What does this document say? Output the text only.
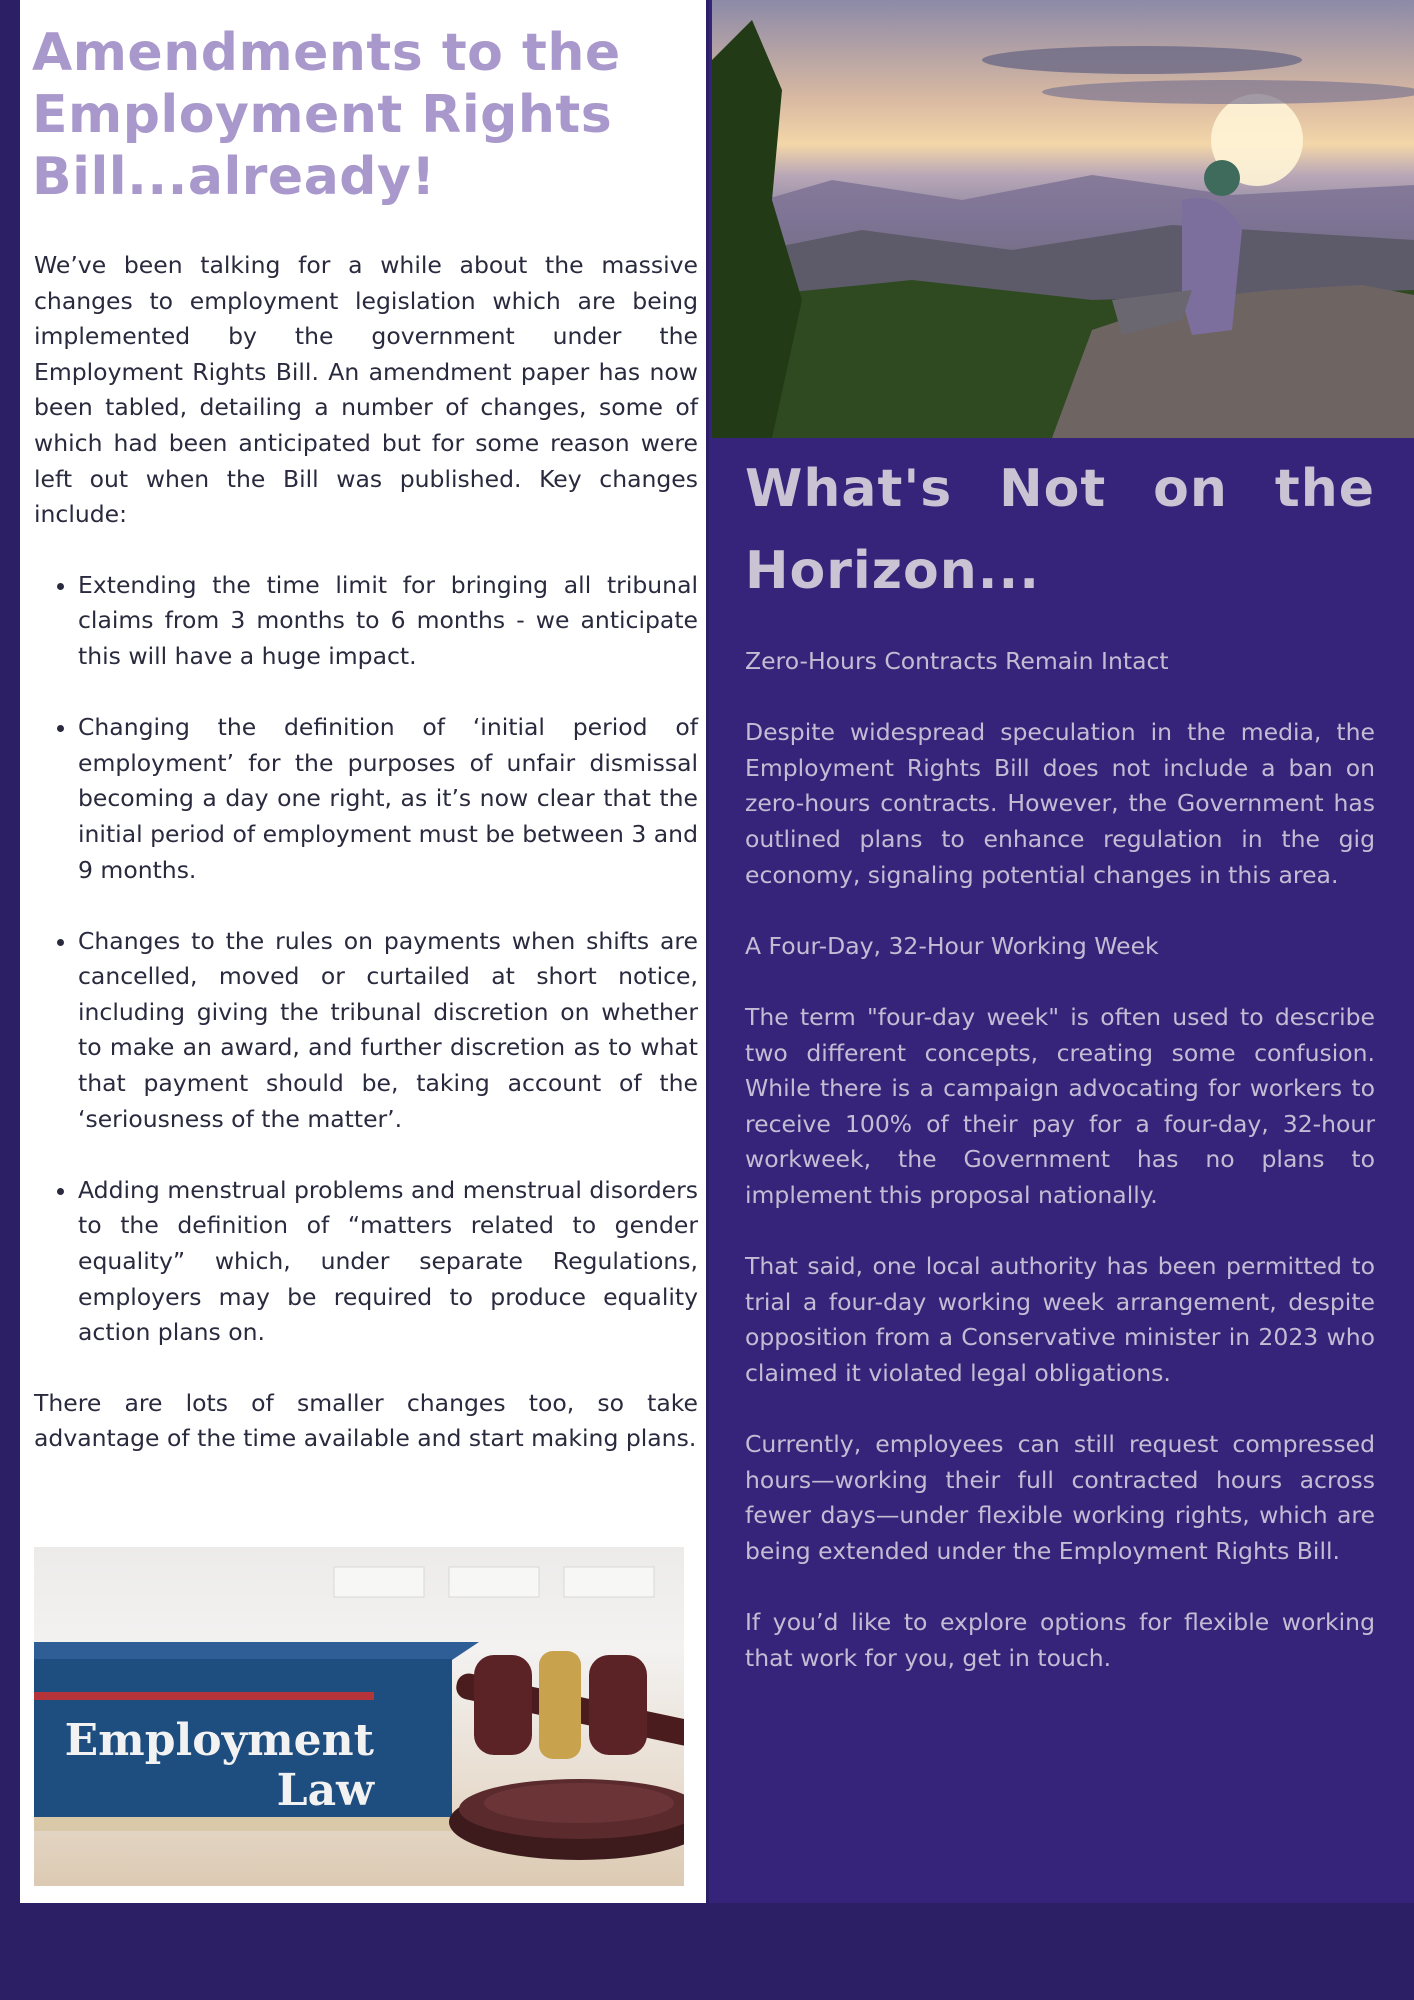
Amendments to the Employment Rights Bill...already!

We’ve been talking for a while about the massive changes to employment legislation which are being implemented by the government under the Employment Rights Bill. An amendment paper has now been tabled, detailing a number of changes, some of which had been anticipated but for some reason were left out when the Bill was published. Key changes include:

• Extending the time limit for bringing all tribunal claims from 3 months to 6 months - we anticipate this will have a huge impact.
• Changing the definition of ‘initial period of employment’ for the purposes of unfair dismissal becoming a day one right, as it’s now clear that the initial period of employment must be between 3 and 9 months.
• Changes to the rules on payments when shifts are cancelled, moved or curtailed at short notice, including giving the tribunal discretion on whether to make an award, and further discretion as to what that payment should be, taking account of the ‘seriousness of the matter’.
• Adding menstrual problems and menstrual disorders to the definition of “matters related to gender equality” which, under separate Regulations, employers may be required to produce equality action plans on.

There are lots of smaller changes too, so take advantage of the time available and start making plans.

Employment
Law
What's Not on the Horizon...

Zero-Hours Contracts Remain Intact

Despite widespread speculation in the media, the Employment Rights Bill does not include a ban on zero-hours contracts. However, the Government has outlined plans to enhance regulation in the gig economy, signaling potential changes in this area.

A Four-Day, 32-Hour Working Week

The term "four-day week" is often used to describe two different concepts, creating some confusion. While there is a campaign advocating for workers to receive 100% of their pay for a four-day, 32-hour workweek, the Government has no plans to implement this proposal nationally.

That said, one local authority has been permitted to trial a four-day working week arrangement, despite opposition from a Conservative minister in 2023 who claimed it violated legal obligations.

Currently, employees can still request compressed hours—working their full contracted hours across fewer days—under flexible working rights, which are being extended under the Employment Rights Bill.

If you’d like to explore options for flexible working that work for you, get in touch.
